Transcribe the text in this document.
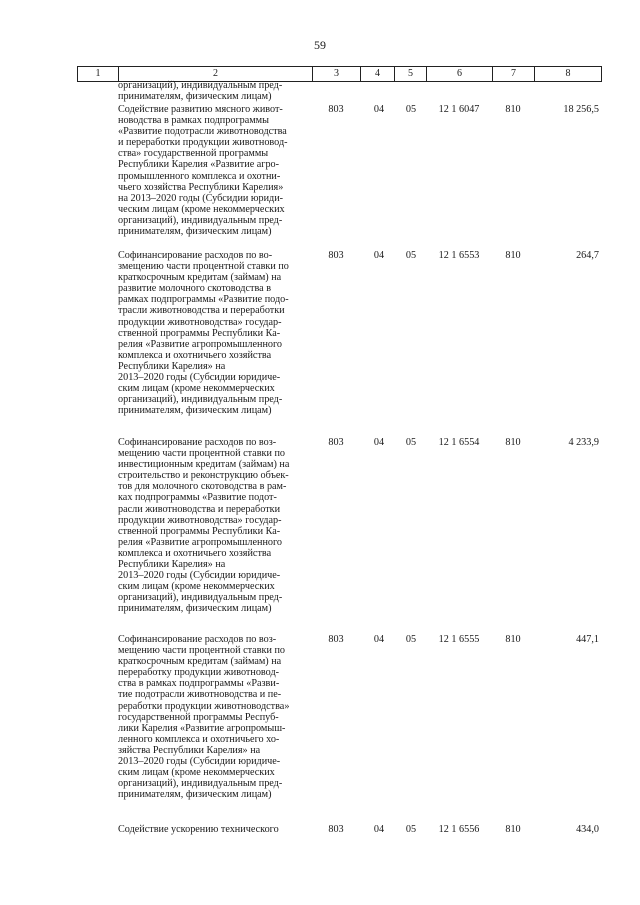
59
1	2	3	4	5	6	7	8
организаций), индивидуальным пред-
принимателям, физическим лицам)
Содействие развитию мясного живот-
новодства в рамках подпрограммы
«Развитие подотрасли животноводства
и переработки продукции животновод-
ства» государственной программы
Республики Карелия «Развитие агро-
промышленного комплекса и охотни-
чьего хозяйства Республики Карелия»
на 2013–2020 годы (Субсидии юриди-
ческим лицам (кроме некоммерческих
организаций), индивидуальным пред-
принимателям, физическим лицам)
803	04	05	12 1 6047	810	18 256,5
Софинансирование расходов по во-
змещению части процентной ставки по
краткосрочным кредитам (займам) на
развитие молочного скотоводства в
рамках подпрограммы «Развитие подо-
трасли животноводства и переработки
продукции животноводства» государ-
ственной программы Республики Ка-
релия «Развитие агропромышленного
комплекса и охотничьего хозяйства
Республики Карелия» на
2013–2020 годы (Субсидии юридиче-
ским лицам (кроме некоммерческих
организаций), индивидуальным пред-
принимателям, физическим лицам)
803	04	05	12 1 6553	810	264,7
Софинансирование расходов по воз-
мещению части процентной ставки по
инвестиционным кредитам (займам) на
строительство и реконструкцию объек-
тов для молочного скотоводства в рам-
ках подпрограммы «Развитие подот-
расли животноводства и переработки
продукции животноводства» государ-
ственной программы Республики Ка-
релия «Развитие агропромышленного
комплекса и охотничьего хозяйства
Республики Карелия» на
2013–2020 годы (Субсидии юридиче-
ским лицам (кроме некоммерческих
организаций), индивидуальным пред-
принимателям, физическим лицам)
803	04	05	12 1 6554	810	4 233,9
Софинансирование расходов по воз-
мещению части процентной ставки по
краткосрочным кредитам (займам) на
переработку продукции животновод-
ства в рамках подпрограммы «Разви-
тие подотрасли животноводства и пе-
реработки продукции животноводства»
государственной программы Респуб-
лики Карелия «Развитие агропромыш-
ленного комплекса и охотничьего хо-
зяйства Республики Карелия» на
2013–2020 годы (Субсидии юридиче-
ским лицам (кроме некоммерческих
организаций), индивидуальным пред-
принимателям, физическим лицам)
803	04	05	12 1 6555	810	447,1
Содействие ускорению технического	803	04	05	12 1 6556	810	434,0
